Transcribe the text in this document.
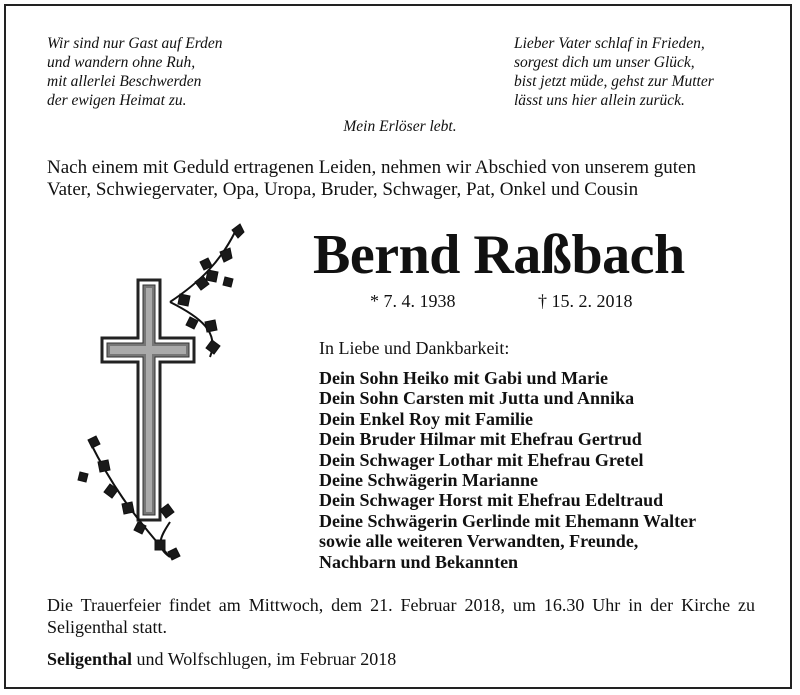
Wir sind nur Gast auf Erden
und wandern ohne Ruh,
mit allerlei Beschwerden
der ewigen Heimat zu.
Lieber Vater schlaf in Frieden,
sorgest dich um unser Glück,
bist jetzt müde, gehst zur Mutter
lässt uns hier allein zurück.
Mein Erlöser lebt.
Nach einem mit Geduld ertragenen Leiden, nehmen wir Abschied von unserem guten
Vater, Schwiegervater, Opa, Uropa, Bruder, Schwager, Pat, Onkel und Cousin
Bernd Raßbach
* 7. 4. 1938	† 15. 2. 2018
In Liebe und Dankbarkeit:
Dein Sohn Heiko mit Gabi und Marie
Dein Sohn Carsten mit Jutta und Annika
Dein Enkel Roy mit Familie
Dein Bruder Hilmar mit Ehefrau Gertrud
Dein Schwager Lothar mit Ehefrau Gretel
Deine Schwägerin Marianne
Dein Schwager Horst mit Ehefrau Edeltraud
Deine Schwägerin Gerlinde mit Ehemann Walter
sowie alle weiteren Verwandten, Freunde,
Nachbarn und Bekannten
Die Trauerfeier findet am Mittwoch, dem 21. Februar 2018, um 16.30 Uhr in der Kirche zu Seligenthal statt.
Seligenthal und Wolfschlugen, im Februar 2018
